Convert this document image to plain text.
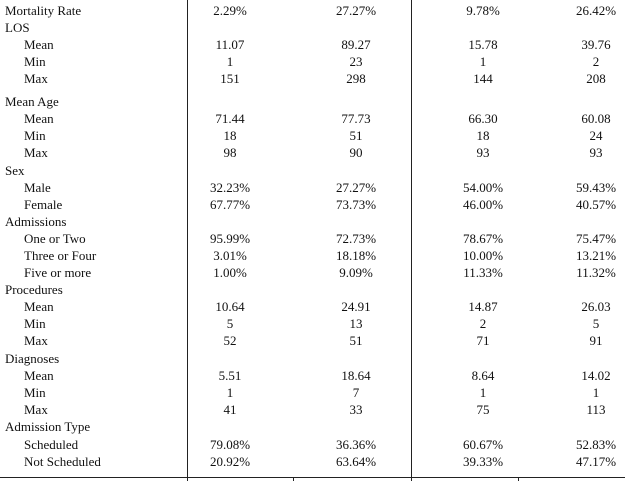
Mortality Rate	2.29%	27.27%	9.78%	26.42%
LOS
Mean	11.07	89.27	15.78	39.76
Min	1	23	1	2
Max	151	298	144	208
Mean Age
Mean	71.44	77.73	66.30	60.08
Min	18	51	18	24
Max	98	90	93	93
Sex
Male	32.23%	27.27%	54.00%	59.43%
Female	67.77%	73.73%	46.00%	40.57%
Admissions
One or Two	95.99%	72.73%	78.67%	75.47%
Three or Four	3.01%	18.18%	10.00%	13.21%
Five or more	1.00%	9.09%	11.33%	11.32%
Procedures
Mean	10.64	24.91	14.87	26.03
Min	5	13	2	5
Max	52	51	71	91
Diagnoses
Mean	5.51	18.64	8.64	14.02
Min	1	7	1	1
Max	41	33	75	113
Admission Type
Scheduled	79.08%	36.36%	60.67%	52.83%
Not Scheduled	20.92%	63.64%	39.33%	47.17%
